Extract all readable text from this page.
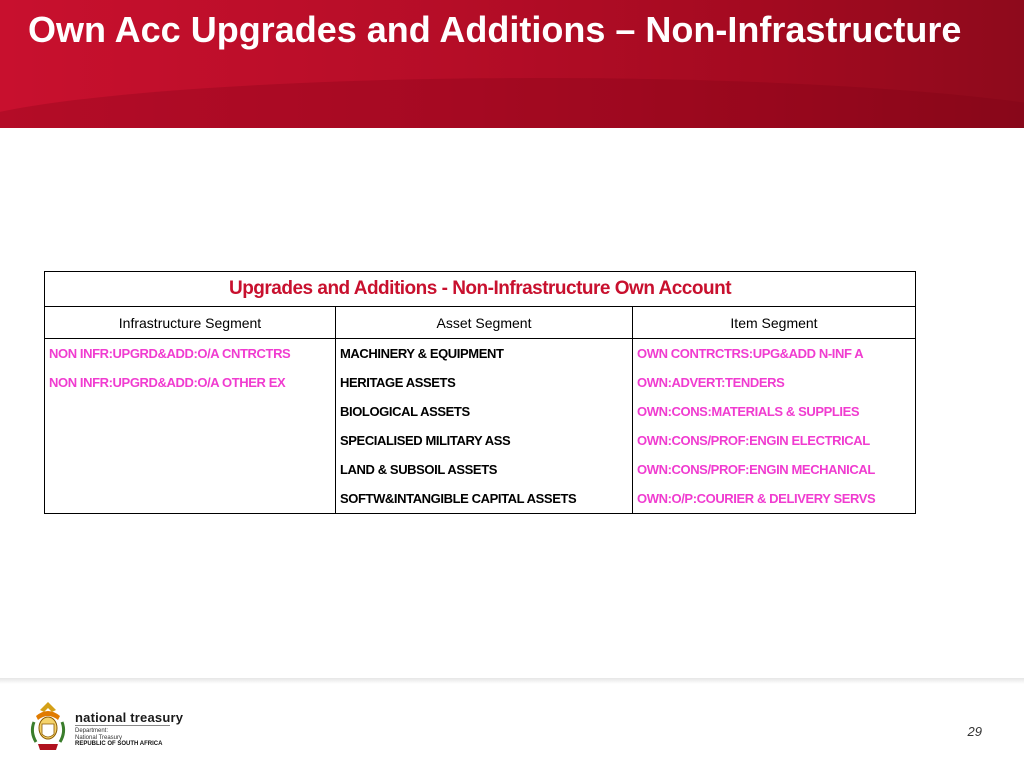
Own Acc Upgrades and Additions – Non-Infrastructure
Upgrades and Additions - Non-Infrastructure Own Account		
Infrastructure Segment	Asset Segment	Item Segment
NON INFR:UPGRD&ADD:O/A CNTRCTRS	MACHINERY & EQUIPMENT	OWN CONTRCTRS:UPG&ADD N-INF A
NON INFR:UPGRD&ADD:O/A OTHER EX	HERITAGE ASSETS	OWN:ADVERT:TENDERS
	BIOLOGICAL ASSETS	OWN:CONS:MATERIALS & SUPPLIES
	SPECIALISED MILITARY ASS	OWN:CONS/PROF:ENGIN ELECTRICAL
	LAND & SUBSOIL ASSETS	OWN:CONS/PROF:ENGIN MECHANICAL
	SOFTW&INTANGIBLE CAPITAL ASSETS	OWN:O/P:COURIER & DELIVERY SERVS
national treasury
Department:
National Treasury
REPUBLIC OF SOUTH AFRICA
29
